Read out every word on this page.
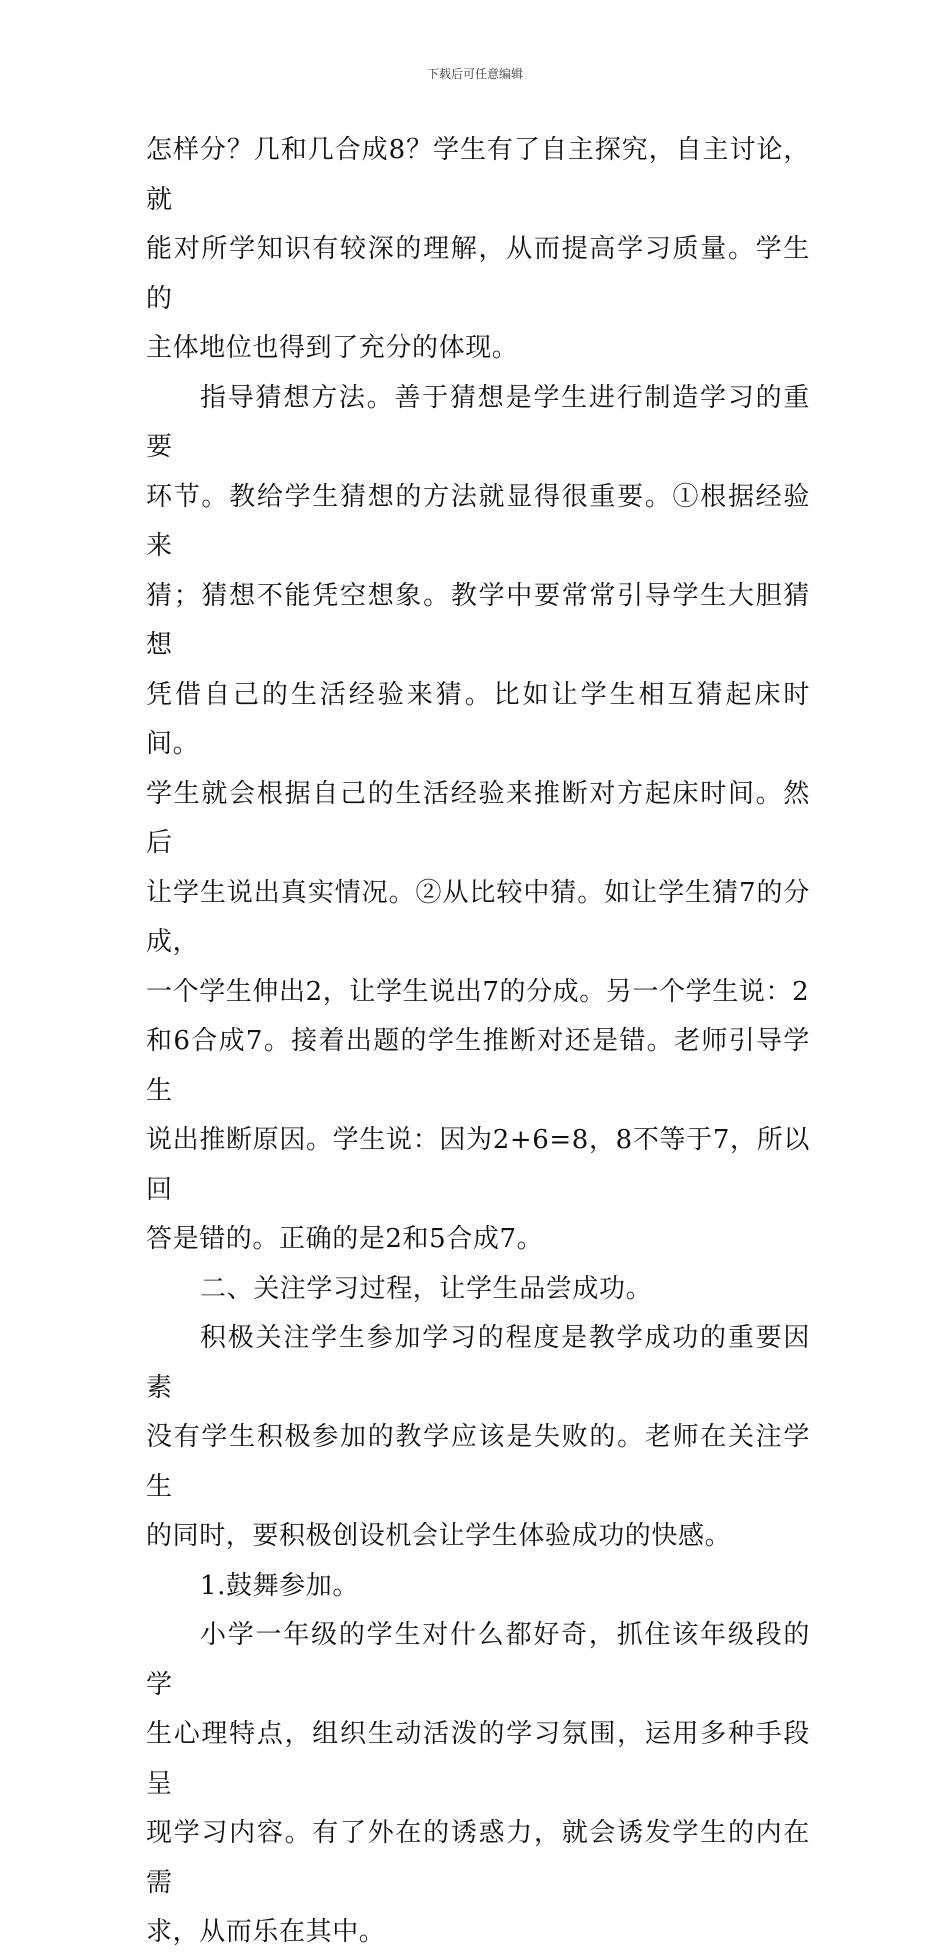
下载后可任意编辑
怎样分？几和几合成8？学生有了自主探究，自主讨论，就
能对所学知识有较深的理解，从而提高学习质量。学生的
主体地位也得到了充分的体现。
指导猜想方法。善于猜想是学生进行制造学习的重要
环节。教给学生猜想的方法就显得很重要。①根据经验来
猜；猜想不能凭空想象。教学中要常常引导学生大胆猜想
凭借自己的生活经验来猜。比如让学生相互猜起床时间。
学生就会根据自己的生活经验来推断对方起床时间。然后
让学生说出真实情况。②从比较中猜。如让学生猜7的分成，
一个学生伸出2，让学生说出7的分成。另一个学生说：2
和6合成7。接着出题的学生推断对还是错。老师引导学生
说出推断原因。学生说：因为2+6=8，8不等于7，所以回
答是错的。正确的是2和5合成7。
二、关注学习过程，让学生品尝成功。
积极关注学生参加学习的程度是教学成功的重要因素
没有学生积极参加的教学应该是失败的。老师在关注学生
的同时，要积极创设机会让学生体验成功的快感。
1.鼓舞参加。
小学一年级的学生对什么都好奇，抓住该年级段的学
生心理特点，组织生动活泼的学习氛围，运用多种手段呈
现学习内容。有了外在的诱惑力，就会诱发学生的内在需
求，从而乐在其中。
